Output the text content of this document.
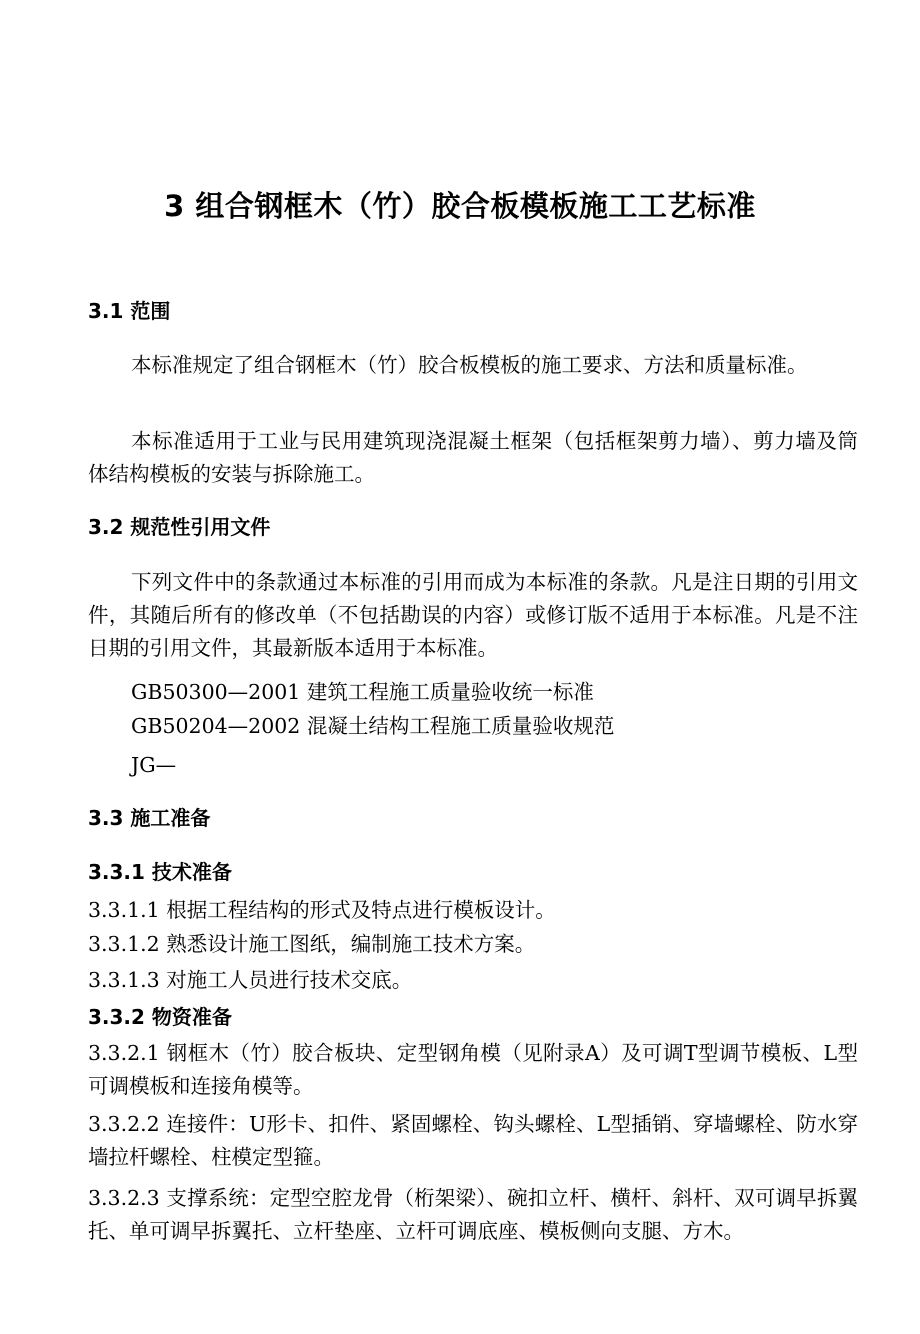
3 组合钢框木（竹）胶合板模板施工工艺标准
3.1 范围
本标准规定了组合钢框木（竹）胶合板模板的施工要求、方法和质量标准。
本标准适用于工业与民用建筑现浇混凝土框架（包括框架剪力墙）、剪力墙及筒体结构模板的安装与拆除施工。
3.2 规范性引用文件
下列文件中的条款通过本标准的引用而成为本标准的条款。凡是注日期的引用文件，其随后所有的修改单（不包括勘误的内容）或修订版不适用于本标准。凡是不注日期的引用文件，其最新版本适用于本标准。
GB50300—2001 建筑工程施工质量验收统一标准
GB50204—2002 混凝土结构工程施工质量验收规范
JG—
3.3 施工准备
3.3.1 技术准备
3.3.1.1 根据工程结构的形式及特点进行模板设计。
3.3.1.2 熟悉设计施工图纸，编制施工技术方案。
3.3.1.3 对施工人员进行技术交底。
3.3.2 物资准备
3.3.2.1 钢框木（竹）胶合板块、定型钢角模（见附录A）及可调T型调节模板、L型可调模板和连接角模等。
3.3.2.2 连接件：U形卡、扣件、紧固螺栓、钩头螺栓、L型插销、穿墙螺栓、防水穿墙拉杆螺栓、柱模定型箍。
3.3.2.3 支撑系统：定型空腔龙骨（桁架梁）、碗扣立杆、横杆、斜杆、双可调早拆翼托、单可调早拆翼托、立杆垫座、立杆可调底座、模板侧向支腿、方木。
